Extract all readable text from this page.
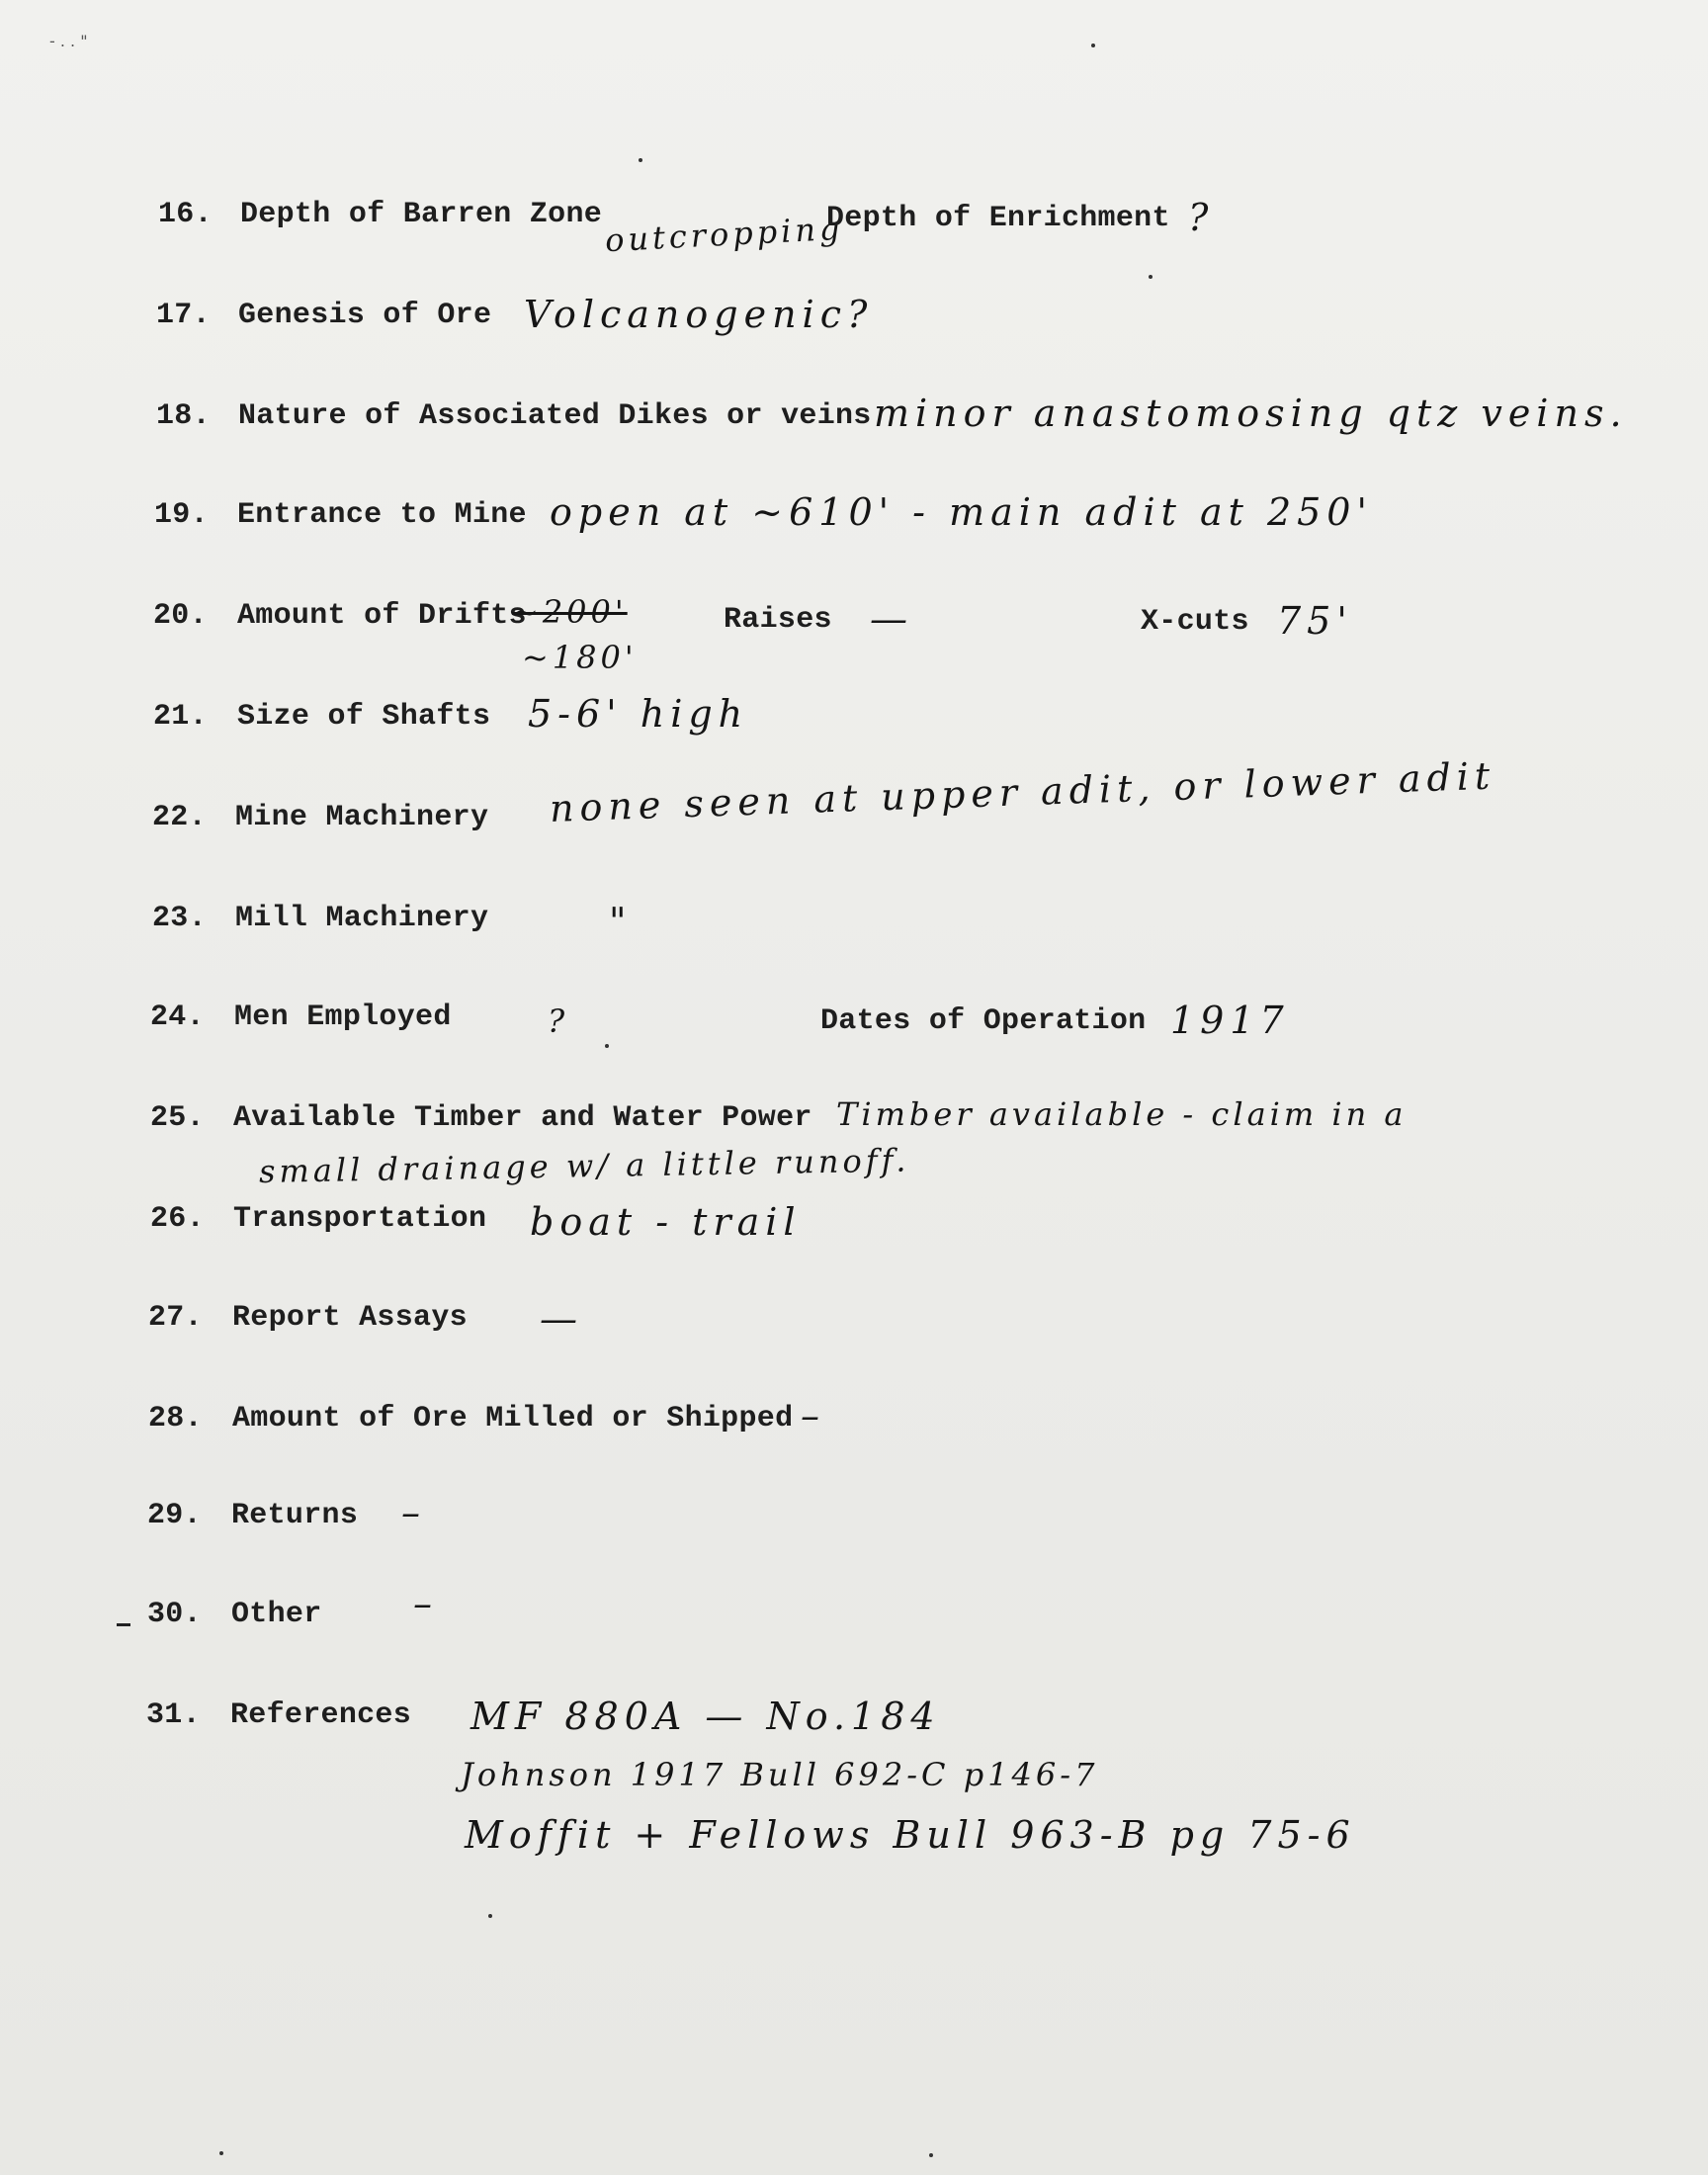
- . . "
16. Depth of Barren Zone outcropping
Depth of Enrichment ?
17. Genesis of Ore Volcanogenic?
18. Nature of Associated Dikes or veins minor anastomosing qtz veins.
19. Entrance to Mine open at ~610' - main adit at 250'
20. Amount of Drifts
~200'
~180'
Raises —	X-cuts 75'
21. Size of Shafts 5-6' high
22. Mine Machinery none seen at upper adit, or lower adit
23. Mill Machinery	"
24. Men Employed	?	Dates of Operation 1917
25. Available Timber and Water Power Timber available - claim in a
small drainage w/ a little runoff.
26. Transportation boat - trail
27. Report Assays —
28. Amount of Ore Milled or Shipped –
29. Returns –
30. Other –
31. References MF 880A — No.184
Johnson 1917 Bull 692-C p146-7
Moffit + Fellows Bull 963-B pg 75-6
